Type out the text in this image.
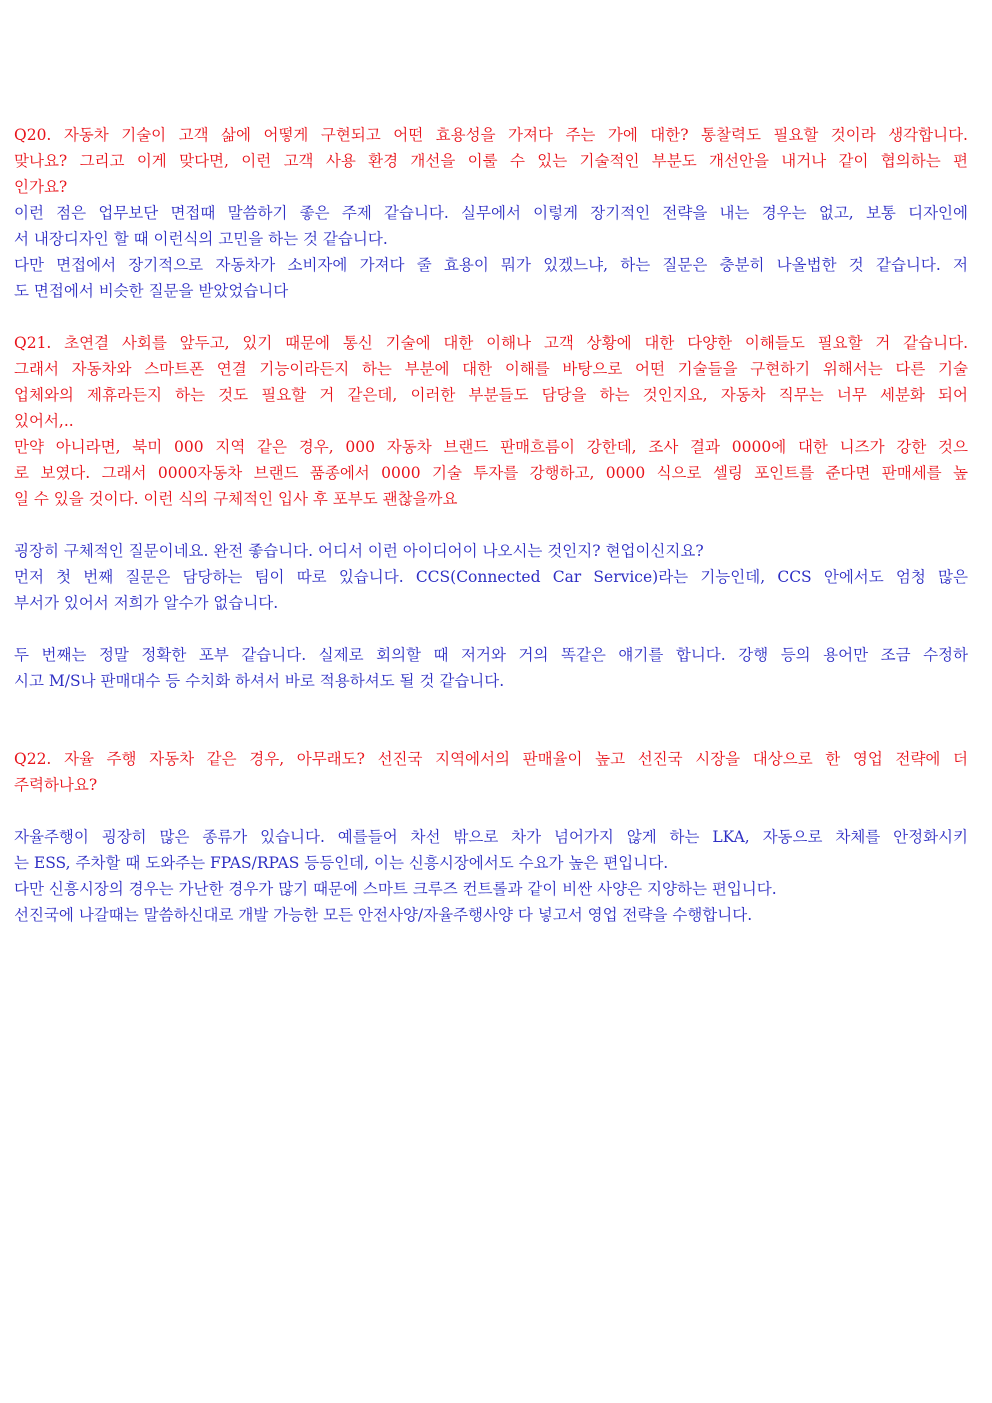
Q20. 자동차 기술이 고객 삶에 어떻게 구현되고 어떤 효용성을 가져다 주는 가에 대한? 통찰력도 필요할 것이라 생각합니다.
맞나요? 그리고 이게 맞다면, 이런 고객 사용 환경 개선을 이룰 수 있는 기술적인 부분도 개선안을 내거나 같이 협의하는 편
인가요?
이런 점은 업무보단 면접때 말씀하기 좋은 주제 같습니다. 실무에서 이렇게 장기적인 전략을 내는 경우는 없고, 보통 디자인에
서 내장디자인 할 때 이런식의 고민을 하는 것 같습니다.
다만 면접에서 장기적으로 자동차가 소비자에 가져다 줄 효용이 뭐가 있겠느냐, 하는 질문은 충분히 나올법한 것 같습니다. 저
도 면접에서 비슷한 질문을 받았었습니다
Q21. 초연결 사회를 앞두고, 있기 때문에 통신 기술에 대한 이해나 고객 상황에 대한 다양한 이해들도 필요할 거 같습니다.
그래서 자동차와 스마트폰 연결 기능이라든지 하는 부분에 대한 이해를 바탕으로 어떤 기술들을 구현하기 위해서는 다른 기술
업체와의 제휴라든지 하는 것도 필요할 거 같은데, 이러한 부분들도 담당을 하는 것인지요, 자동차 직무는 너무 세분화 되어
있어서,..
만약 아니라면, 북미 000 지역 같은 경우, 000 자동차 브랜드 판매흐름이 강한데, 조사 결과 0000에 대한 니즈가 강한 것으
로 보였다. 그래서 0000자동차 브랜드 품종에서 0000 기술 투자를 강행하고, 0000 식으로 셀링 포인트를 준다면 판매세를 높
일 수 있을 것이다. 이런 식의 구체적인 입사 후 포부도 괜찮을까요
굉장히 구체적인 질문이네요. 완전 좋습니다. 어디서 이런 아이디어이 나오시는 것인지? 현업이신지요?
먼저 첫 번째 질문은 담당하는 팀이 따로 있습니다. CCS(Connected Car Service)라는 기능인데, CCS 안에서도 엄청 많은
부서가 있어서 저희가 알수가 없습니다.
두 번째는 정말 정확한 포부 같습니다. 실제로 회의할 때 저거와 거의 똑같은 얘기를 합니다. 강행 등의 용어만 조금 수정하
시고 M/S나 판매대수 등 수치화 하셔서 바로 적용하셔도 될 것 같습니다.
Q22. 자율 주행 자동차 같은 경우, 아무래도? 선진국 지역에서의 판매율이 높고 선진국 시장을 대상으로 한 영업 전략에 더
주력하나요?
자율주행이 굉장히 많은 종류가 있습니다. 예를들어 차선 밖으로 차가 넘어가지 않게 하는 LKA, 자동으로 차체를 안정화시키
는 ESS, 주차할 때 도와주는 FPAS/RPAS 등등인데, 이는 신흥시장에서도 수요가 높은 편입니다.
다만 신흥시장의 경우는 가난한 경우가 많기 때문에 스마트 크루즈 컨트롤과 같이 비싼 사양은 지양하는 편입니다.
선진국에 나갈때는 말씀하신대로 개발 가능한 모든 안전사양/자율주행사양 다 넣고서 영업 전략을 수행합니다.
